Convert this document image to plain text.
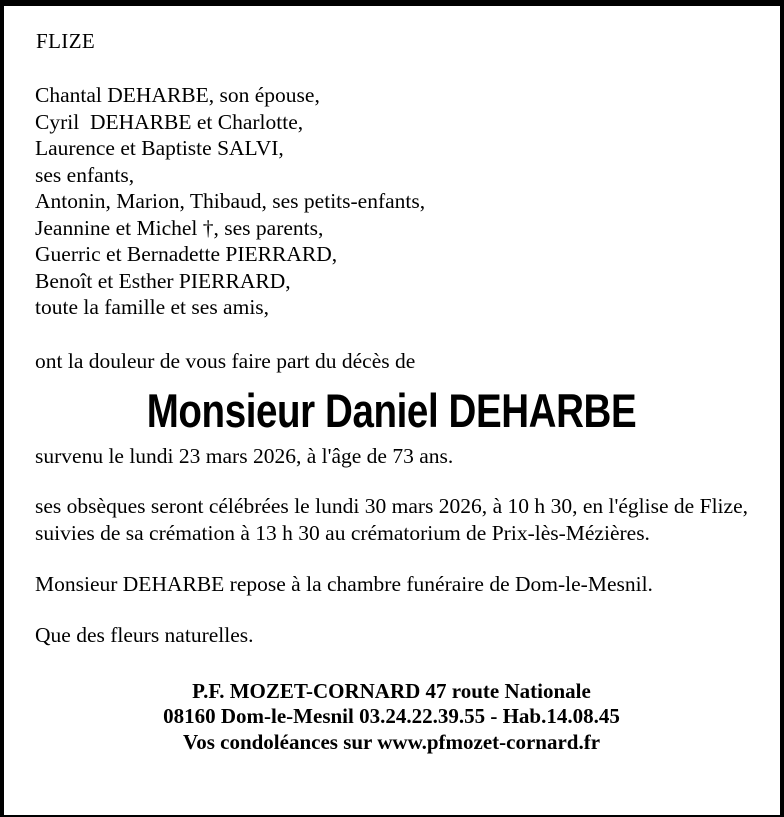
FLIZE
Chantal DEHARBE, son épouse,
Cyril  DEHARBE et Charlotte,
Laurence et Baptiste SALVI,
ses enfants,
Antonin, Marion, Thibaud, ses petits-enfants,
Jeannine et Michel †, ses parents,
Guerric et Bernadette PIERRARD,
Benoît et Esther PIERRARD,
toute la famille et ses amis,
ont la douleur de vous faire part du décès de
Monsieur Daniel DEHARBE
survenu le lundi 23 mars 2026, à l'âge de 73 ans.

ses obsèques seront célébrées le lundi 30 mars 2026, à 10 h 30, en l'église de Flize, suivies de sa crémation à 13 h 30 au crématorium de Prix-lès-Mézières.

Monsieur DEHARBE repose à la chambre funéraire de Dom-le-Mesnil.

Que des fleurs naturelles.

P.F. MOZET-CORNARD 47 route Nationale
08160 Dom-le-Mesnil 03.24.22.39.55 - Hab.14.08.45
Vos condoléances sur www.pfmozet-cornard.fr
